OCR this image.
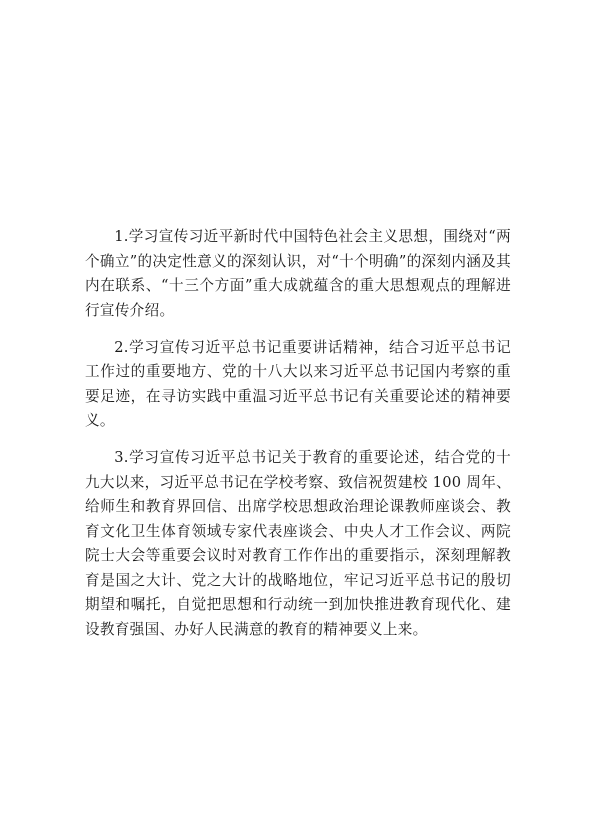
1.学习宣传习近平新时代中国特色社会主义思想，围绕对“两个确立”的决定性意义的深刻认识，对“十个明确”的深刻内涵及其内在联系、“十三个方面”重大成就蕴含的重大思想观点的理解进行宣传介绍。

2.学习宣传习近平总书记重要讲话精神，结合习近平总书记工作过的重要地方、党的十八大以来习近平总书记国内考察的重要足迹，在寻访实践中重温习近平总书记有关重要论述的精神要义。

3.学习宣传习近平总书记关于教育的重要论述，结合党的十九大以来，习近平总书记在学校考察、致信祝贺建校 100 周年、给师生和教育界回信、出席学校思想政治理论课教师座谈会、教育文化卫生体育领域专家代表座谈会、中央人才工作会议、两院院士大会等重要会议时对教育工作作出的重要指示，深刻理解教育是国之大计、党之大计的战略地位，牢记习近平总书记的殷切期望和嘱托，自觉把思想和行动统一到加快推进教育现代化、建设教育强国、办好人民满意的教育的精神要义上来。
